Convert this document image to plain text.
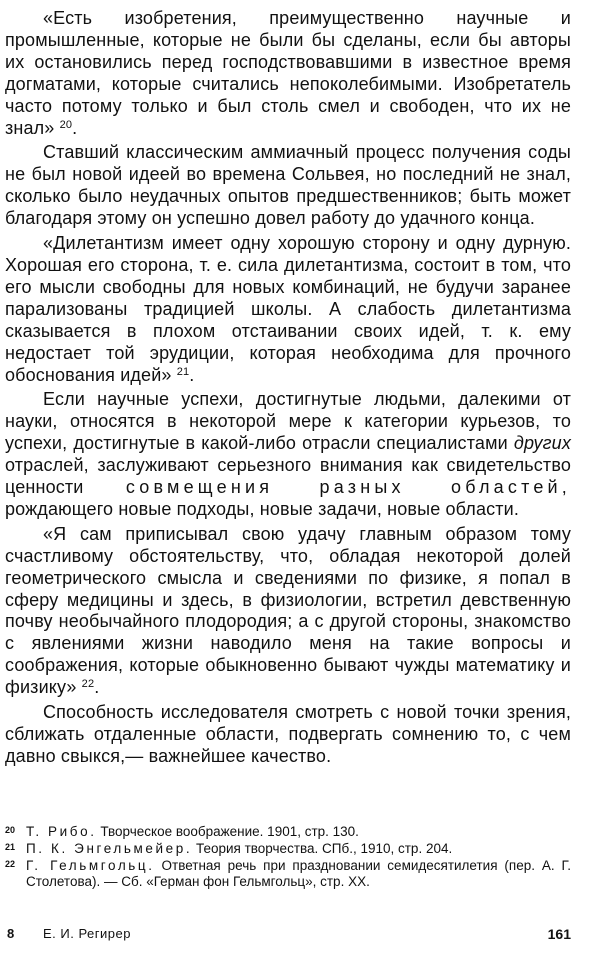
«Есть изобретения, преимущественно научные и промышленные, которые не были бы сделаны, если бы авторы их остановились перед господствовавшими в известное время догматами, которые считались непоколебимыми. Изобретатель часто потому только и был столь смел и свободен, что их не знал» $^{20}$.

Ставший классическим аммиачный процесс получения соды не был новой идеей во времена Сольвея, но последний не знал, сколько было неудачных опытов предшественников; быть может благодаря этому он успешно довел работу до удачного конца.

«Дилетантизм имеет одну хорошую сторону и одну дурную. Хорошая его сторона, т. е. сила дилетантизма, состоит в том, что его мысли свободны для новых комбинаций, не будучи заранее парализованы традицией школы. А слабость дилетантизма сказывается в плохом отстаивании своих идей, т. к. ему недостает той эрудиции, которая необходима для прочного обоснования идей» $^{21}$.

Если научные успехи, достигнутые людьми, далекими от науки, относятся в некоторой мере к категории курьезов, то успехи, достигнутые в какой-либо отрасли специалистами других отраслей, заслуживают серьезного внимания как свидетельство ценности совмещения разных областей, рождающего новые подходы, новые задачи, новые области.

«Я сам приписывал свою удачу главным образом тому счастливому обстоятельству, что, обладая некоторой долей геометрического смысла и сведениями по физике, я попал в сферу медицины и здесь, в физиологии, встретил девственную почву необычайного плодородия; а с другой стороны, знакомство с явлениями жизни наводило меня на такие вопросы и соображения, которые обыкновенно бывают чужды математику и физику» $^{22}$.

Способность исследователя смотреть с новой точки зрения, сближать отдаленные области, подвергать сомнению то, с чем давно свыкся,— важнейшее качество.

20 Т. Рибо. Творческое воображение. 1901, стр. 130.

21 П. К. Энгельмейер. Теория творчества. СПб., 1910, стр. 204.

22 Г. Гельмгольц. Ответная речь при праздновании семидесятилетия (пер. А. Г. Столетова). — Сб. «Герман фон Гельмгольц», стр. XX.

8 Е. И. Регирер	161
